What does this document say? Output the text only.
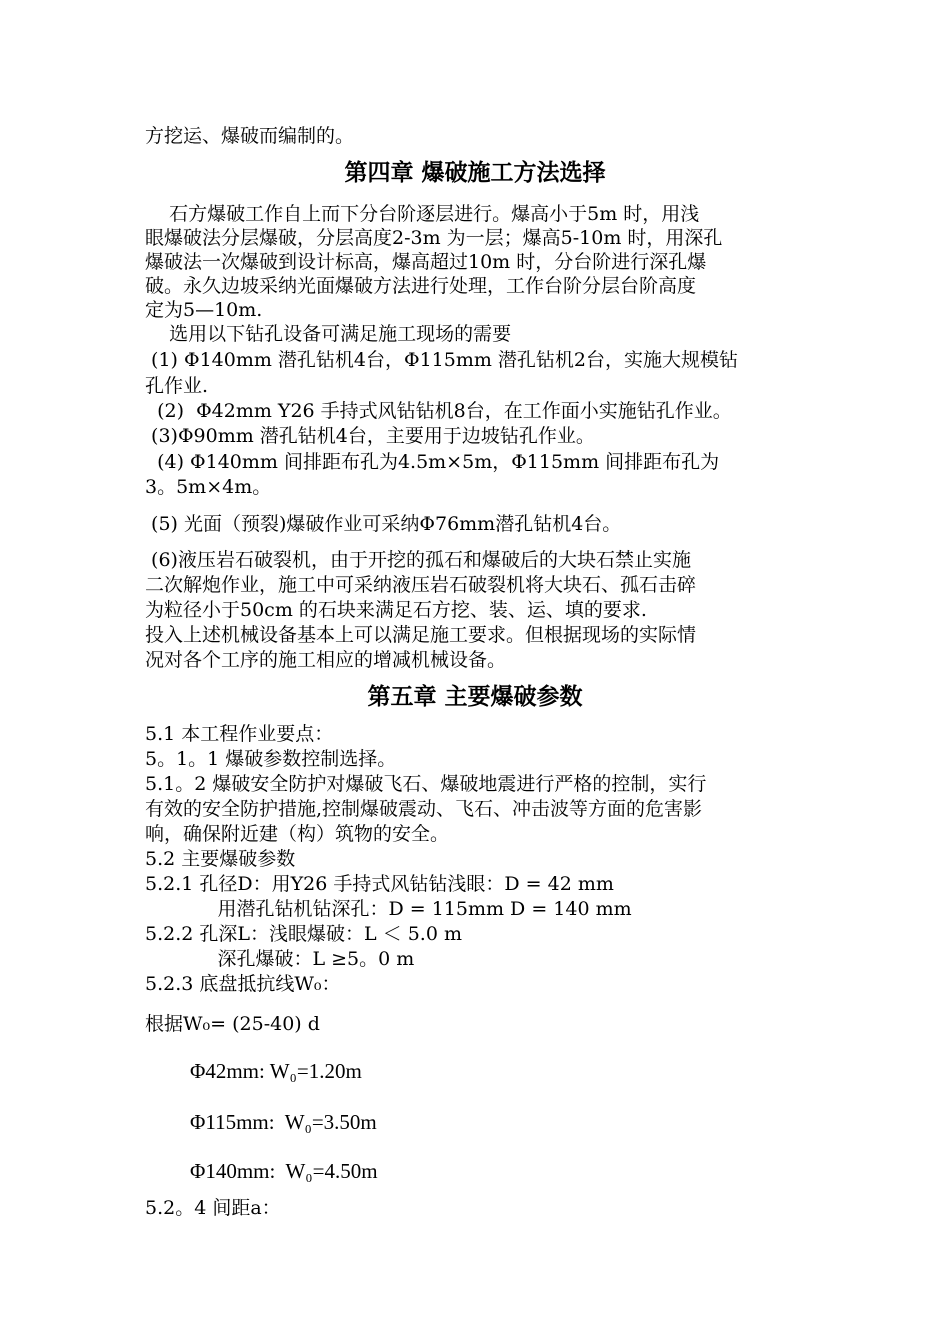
方挖运、爆破而编制的。
第四章 爆破施工方法选择
石方爆破工作自上而下分台阶逐层进行。爆高小于5m 时，用浅
眼爆破法分层爆破，分层高度2-3m 为一层；爆高5-10m 时，用深孔
爆破法一次爆破到设计标高，爆高超过10m 时，分台阶进行深孔爆
破。永久边坡采纳光面爆破方法进行处理，工作台阶分层台阶高度
定为5—10m.
选用以下钻孔设备可满足施工现场的需要
(1) Φ140mm 潜孔钻机4台，Φ115mm 潜孔钻机2台，实施大规模钻
孔作业.
(2)  Φ42mm Y26 手持式风钻钻机8台，在工作面小实施钻孔作业。
(3)Φ90mm 潜孔钻机4台，主要用于边坡钻孔作业。
(4) Φ140mm 间排距布孔为4.5m×5m，Φ115mm 间排距布孔为
3。5m×4m。
(5) 光面（预裂)爆破作业可采纳Φ76mm潜孔钻机4台。
(6)液压岩石破裂机，由于开挖的孤石和爆破后的大块石禁止实施
二次解炮作业，施工中可采纳液压岩石破裂机将大块石、孤石击碎
为粒径小于50cm 的石块来满足石方挖、装、运、填的要求.
投入上述机械设备基本上可以满足施工要求。但根据现场的实际情
况对各个工序的施工相应的增减机械设备。
第五章 主要爆破参数
5.1 本工程作业要点：
5。1。1 爆破参数控制选择。
5.1。2 爆破安全防护对爆破飞石、爆破地震进行严格的控制，实行
有效的安全防护措施,控制爆破震动、飞石、冲击波等方面的危害影
响，确保附近建（构）筑物的安全。
5.2 主要爆破参数
5.2.1 孔径D：用Y26 手持式风钻钻浅眼：D = 42 mm
用潜孔钻机钻深孔：D = 115mm D = 140 mm
5.2.2 孔深L：浅眼爆破：L ＜ 5.0 m
深孔爆破：L ≥5。0 m
5.2.3 底盘抵抗线W₀：
根据W₀= (25-40) d
Φ42mm: W₀=1.20m
Φ115mm:  W₀=3.50m
Φ140mm:  W₀=4.50m
5.2。4 间距a：
